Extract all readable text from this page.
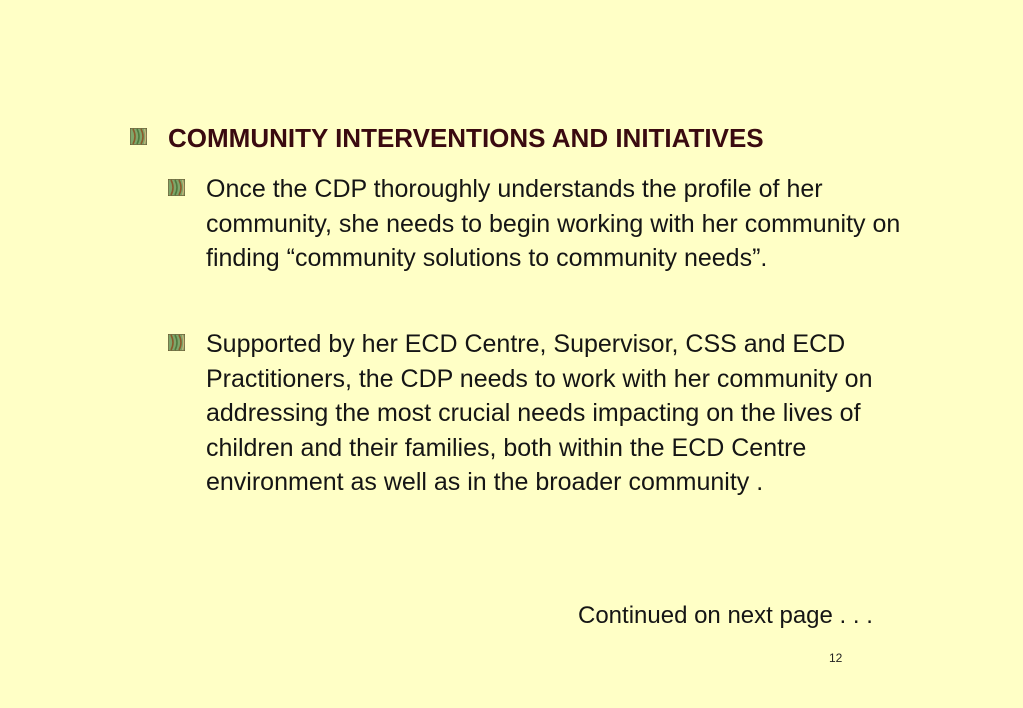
COMMUNITY INTERVENTIONS AND INITIATIVES
Once the CDP thoroughly understands the profile of her community, she needs to begin working with her community on finding “community solutions to community needs”.
Supported by her ECD Centre, Supervisor, CSS and ECD Practitioners, the CDP needs to work with her community on addressing the most crucial needs impacting on the lives of children and their families, both within the ECD Centre environment as well as in the broader community .
Continued on next page . . .
12
